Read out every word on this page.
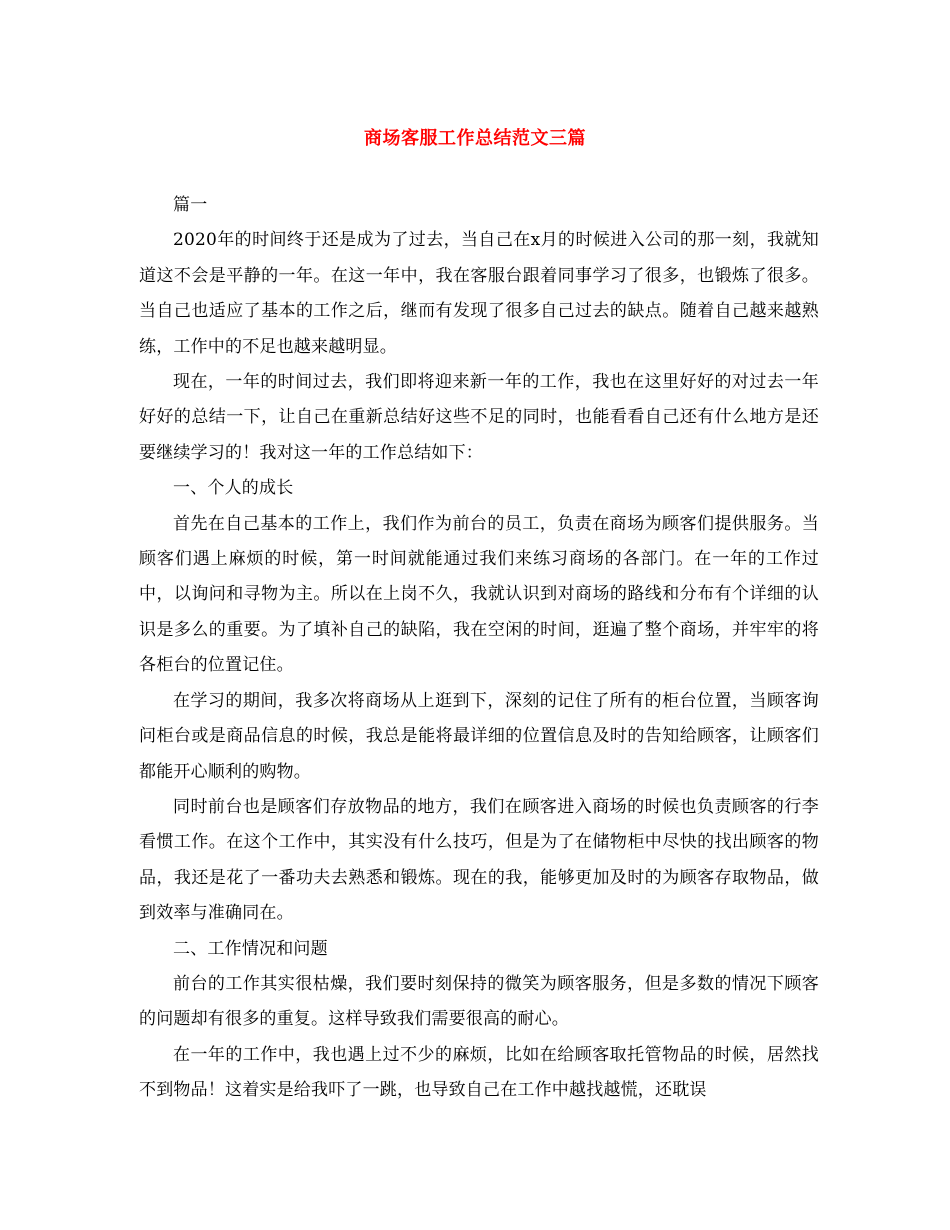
商场客服工作总结范文三篇

篇一

2020年的时间终于还是成为了过去，当自己在x月的时候进入公司的那一刻，我就知道这不会是平静的一年。在这一年中，我在客服台跟着同事学习了很多，也锻炼了很多。当自己也适应了基本的工作之后，继而有发现了很多自己过去的缺点。随着自己越来越熟练，工作中的不足也越来越明显。

现在，一年的时间过去，我们即将迎来新一年的工作，我也在这里好好的对过去一年好好的总结一下，让自己在重新总结好这些不足的同时，也能看看自己还有什么地方是还要继续学习的！我对这一年的工作总结如下：

一、个人的成长

首先在自己基本的工作上，我们作为前台的员工，负责在商场为顾客们提供服务。当顾客们遇上麻烦的时候，第一时间就能通过我们来练习商场的各部门。在一年的工作过中，以询问和寻物为主。所以在上岗不久，我就认识到对商场的路线和分布有个详细的认识是多么的重要。为了填补自己的缺陷，我在空闲的时间，逛遍了整个商场，并牢牢的将各柜台的位置记住。

在学习的期间，我多次将商场从上逛到下，深刻的记住了所有的柜台位置，当顾客询问柜台或是商品信息的时候，我总是能将最详细的位置信息及时的告知给顾客，让顾客们都能开心顺利的购物。

同时前台也是顾客们存放物品的地方，我们在顾客进入商场的时候也负责顾客的行李看惯工作。在这个工作中，其实没有什么技巧，但是为了在储物柜中尽快的找出顾客的物品，我还是花了一番功夫去熟悉和锻炼。现在的我，能够更加及时的为顾客存取物品，做到效率与准确同在。

二、工作情况和问题

前台的工作其实很枯燥，我们要时刻保持的微笑为顾客服务，但是多数的情况下顾客的问题却有很多的重复。这样导致我们需要很高的耐心。

在一年的工作中，我也遇上过不少的麻烦，比如在给顾客取托管物品的时候，居然找不到物品！这着实是给我吓了一跳，也导致自己在工作中越找越慌，还耽误
